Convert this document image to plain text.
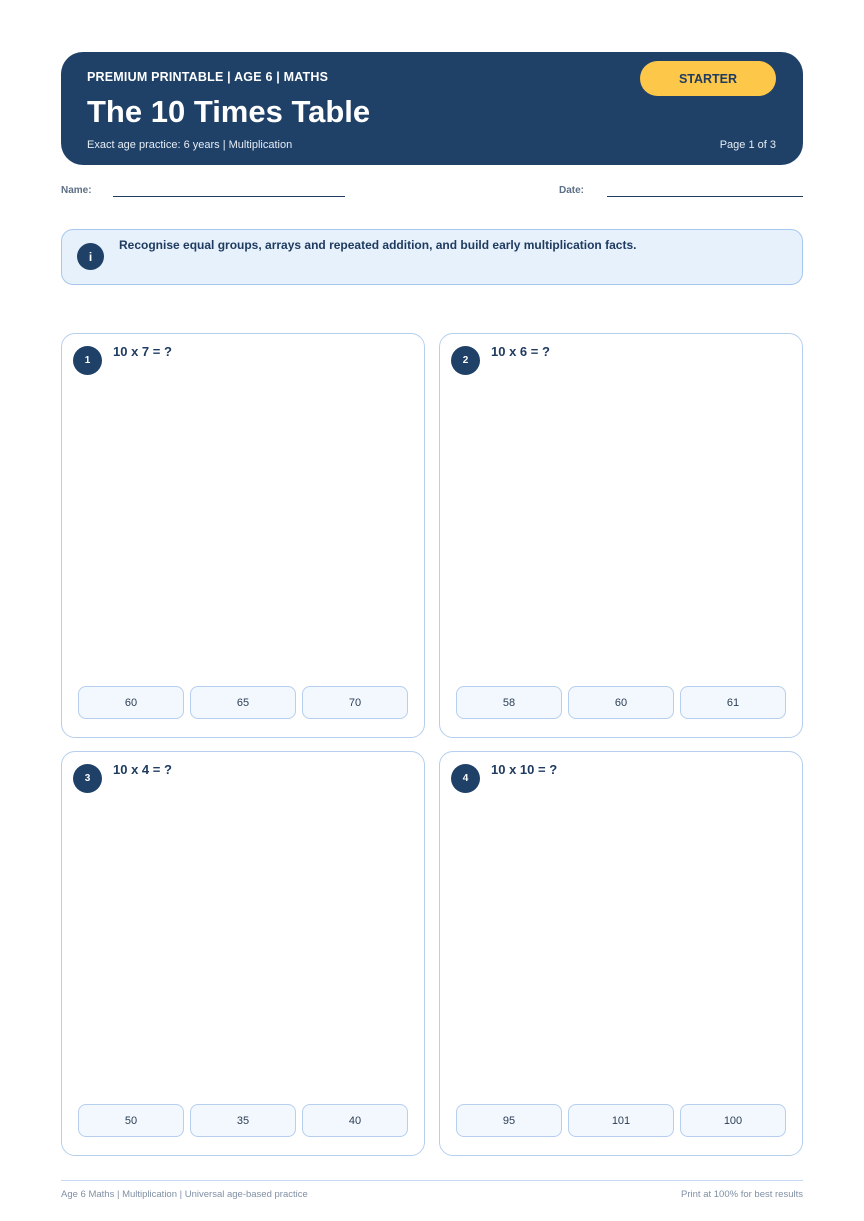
PREMIUM PRINTABLE | AGE 6 | MATHS
The 10 Times Table
Exact age practice: 6 years | Multiplication	Page 1 of 3
STARTER
Name:	Date:
i
Recognise equal groups, arrays and repeated addition, and build early multiplication facts.
1
10 x 7 = ?
60	65	70
2
10 x 6 = ?
58	60	61
3
10 x 4 = ?
50	35	40
4
10 x 10 = ?
95	101	100
Age 6 Maths | Multiplication | Universal age-based practice	Print at 100% for best results
